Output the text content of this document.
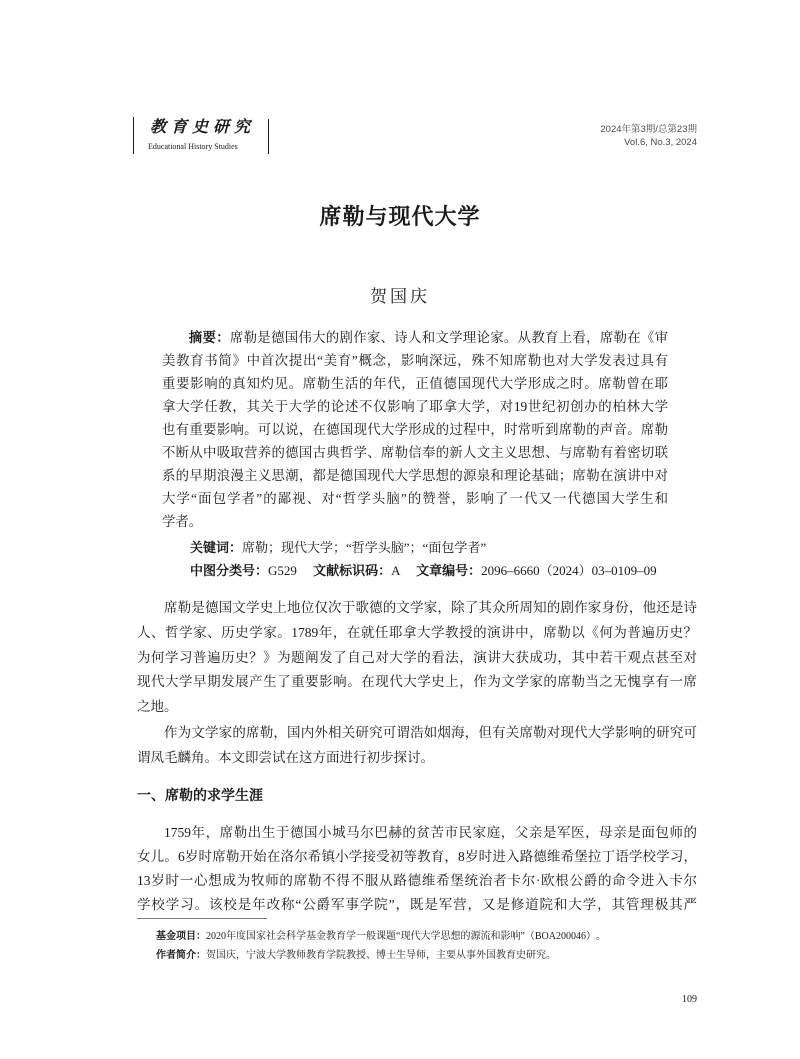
教育史研究
Educational History Studies
2024年第3期/总第23期
Vol.6, No.3, 2024
席勒与现代大学
贺国庆
摘要：席勒是德国伟大的剧作家、诗人和文学理论家。从教育上看，席勒在《审
美教育书简》中首次提出“美育”概念，影响深远，殊不知席勒也对大学发表过具有
重要影响的真知灼见。席勒生活的年代，正值德国现代大学形成之时。席勒曾在耶
拿大学任教，其关于大学的论述不仅影响了耶拿大学，对19世纪初创办的柏林大学
也有重要影响。可以说，在德国现代大学形成的过程中，时常听到席勒的声音。席勒
不断从中吸取营养的德国古典哲学、席勒信奉的新人文主义思想、与席勒有着密切联
系的早期浪漫主义思潮，都是德国现代大学思想的源泉和理论基础；席勒在演讲中对
大学“面包学者”的鄙视、对“哲学头脑”的赞誉，影响了一代又一代德国大学生和
学者。
关键词：席勒；现代大学；“哲学头脑”；“面包学者”
中图分类号：G529 文献标识码：A 文章编号：2096–6660（2024）03–0109–09
席勒是德国文学史上地位仅次于歌德的文学家，除了其众所周知的剧作家身份，他还是诗
人、哲学家、历史学家。1789年，在就任耶拿大学教授的演讲中，席勒以《何为普遍历史？
为何学习普遍历史？》为题阐发了自己对大学的看法，演讲大获成功，其中若干观点甚至对
现代大学早期发展产生了重要影响。在现代大学史上，作为文学家的席勒当之无愧享有一席
之地。
作为文学家的席勒，国内外相关研究可谓浩如烟海，但有关席勒对现代大学影响的研究可
谓凤毛麟角。本文即尝试在这方面进行初步探讨。
一、席勒的求学生涯
1759年，席勒出生于德国小城马尔巴赫的贫苦市民家庭，父亲是军医，母亲是面包师的
女儿。6岁时席勒开始在洛尔希镇小学接受初等教育，8岁时进入路德维希堡拉丁语学校学习，
13岁时一心想成为牧师的席勒不得不服从路德维希堡统治者卡尔·欧根公爵的命令进入卡尔
学校学习。该校是年改称“公爵军事学院”，既是军营，又是修道院和大学，其管理极其严
基金项目：2020年度国家社会科学基金教育学一般课题“现代大学思想的源流和影响”（BOA200046）。
作者简介：贺国庆，宁波大学教师教育学院教授、博士生导师，主要从事外国教育史研究。
109
